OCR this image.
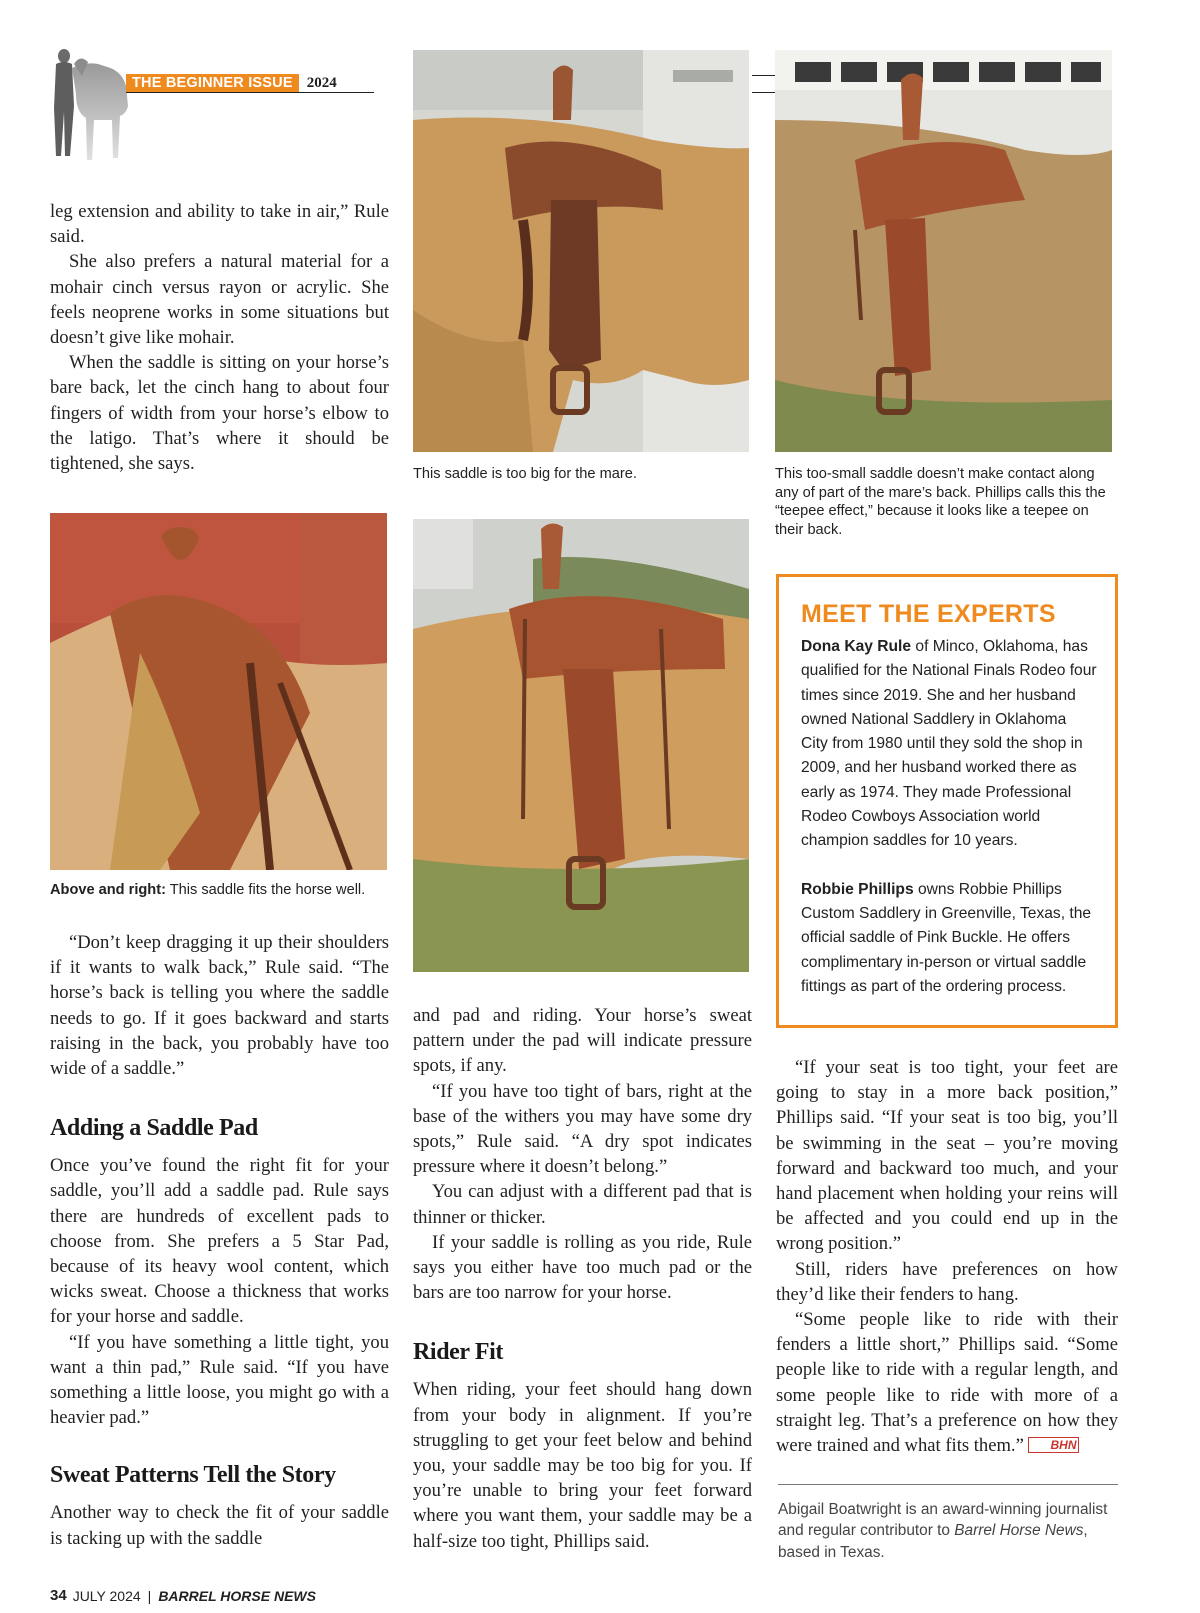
THE BEGINNER ISSUE 2024
This saddle is too big for the mare.	This too-small saddle doesn’t make contact along any of part of the mare’s back. Phillips calls this the “teepee effect,” because it looks like a teepee on their back.
Above and right: This saddle fits the horse well.

leg extension and ability to take in air,” Rule said.

She also prefers a natural material for a mohair cinch versus rayon or acrylic. She feels neoprene works in some situations but doesn’t give like mohair.

When the saddle is sitting on your horse’s bare back, let the cinch hang to about four fingers of width from your horse’s elbow to the latigo. That’s where it should be tightened, she says.

“Don’t keep dragging it up their shoulders if it wants to walk back,” Rule said. “The horse’s back is telling you where the saddle needs to go. If it goes backward and starts raising in the back, you probably have too wide of a saddle.”

Adding a Saddle Pad

Once you’ve found the right fit for your saddle, you’ll add a saddle pad. Rule says there are hundreds of excellent pads to choose from. She prefers a 5 Star Pad, because of its heavy wool content, which wicks sweat. Choose a thickness that works for your horse and saddle.

“If you have something a little tight, you want a thin pad,” Rule said. “If you have something a little loose, you might go with a heavier pad.”

Sweat Patterns Tell the Story

Another way to check the fit of your saddle is tacking up with the saddle

and pad and riding. Your horse’s sweat pattern under the pad will indicate pressure spots, if any.

“If you have too tight of bars, right at the base of the withers you may have some dry spots,” Rule said. “A dry spot indicates pressure where it doesn’t belong.”

You can adjust with a different pad that is thinner or thicker.

If your saddle is rolling as you ride, Rule says you either have too much pad or the bars are too narrow for your horse.

Rider Fit

When riding, your feet should hang down from your body in alignment. If you’re struggling to get your feet below and behind you, your saddle may be too big for you. If you’re unable to bring your feet forward where you want them, your saddle may be a half-size too tight, Phillips said.

MEET THE EXPERTS

Dona Kay Rule of Minco, Oklahoma, has qualified for the National Finals Rodeo four times since 2019. She and her husband owned National Saddlery in Oklahoma City from 1980 until they sold the shop in 2009, and her husband worked there as early as 1974. They made Professional Rodeo Cowboys Association world champion saddles for 10 years.

Robbie Phillips owns Robbie Phillips Custom Saddlery in Greenville, Texas, the official saddle of Pink Buckle. He offers complimentary in-person or virtual saddle fittings as part of the ordering process.

“If your seat is too tight, your feet are going to stay in a more back position,” Phillips said. “If your seat is too big, you’ll be swimming in the seat – you’re moving forward and backward too much, and your hand placement when holding your reins will be affected and you could end up in the wrong position.”

Still, riders have preferences on how they’d like their fenders to hang.

“Some people like to ride with their fenders a little short,” Phillips said. “Some people like to ride with a regular length, and some people like to ride with more of a straight leg. That’s a preference on how they were trained and what fits them.” BHN

Abigail Boatwright is an award-winning journalist and regular contributor to Barrel Horse News, based in Texas.
34 JULY 2024 | BARREL HORSE NEWS
